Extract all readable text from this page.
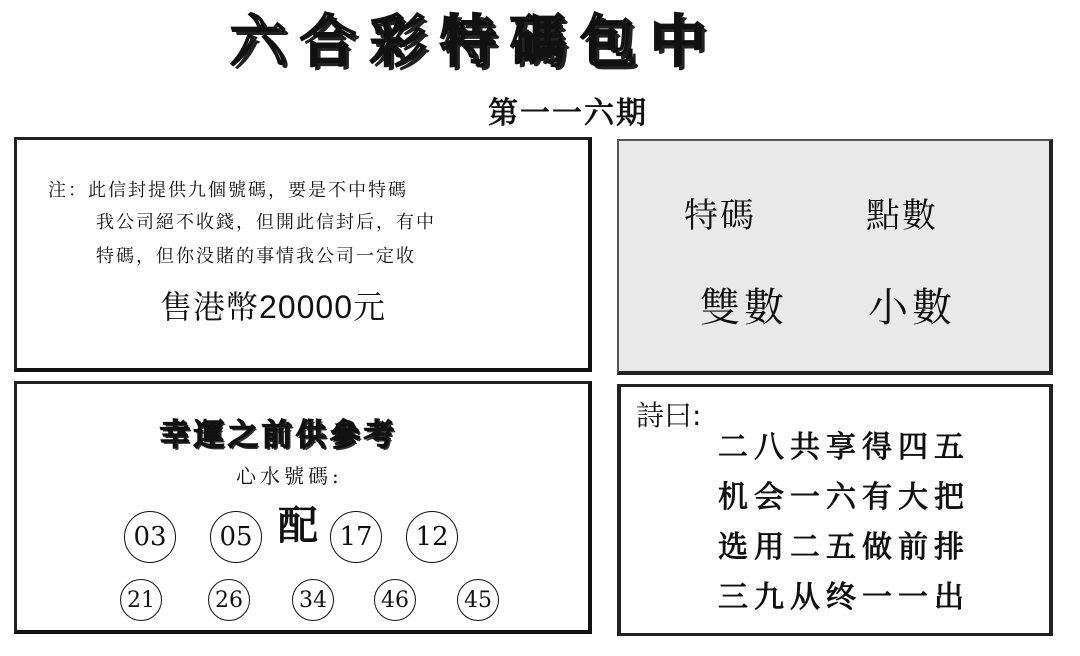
六合彩特碼包中
第一一六期
注：此信封提供九個號碼，要是不中特碼
我公司絕不收錢，但開此信封后，有中
特碼，但你没賭的事情我公司一定收
售港幣20000元
特碼	點數
雙數 小數
幸運之前供參考
心水號碼:
配
03	05	17	12
21	26	34	46	45
詩曰:
二八共享得四五
机会一六有大把
选用二五做前排
三九从终一一出
